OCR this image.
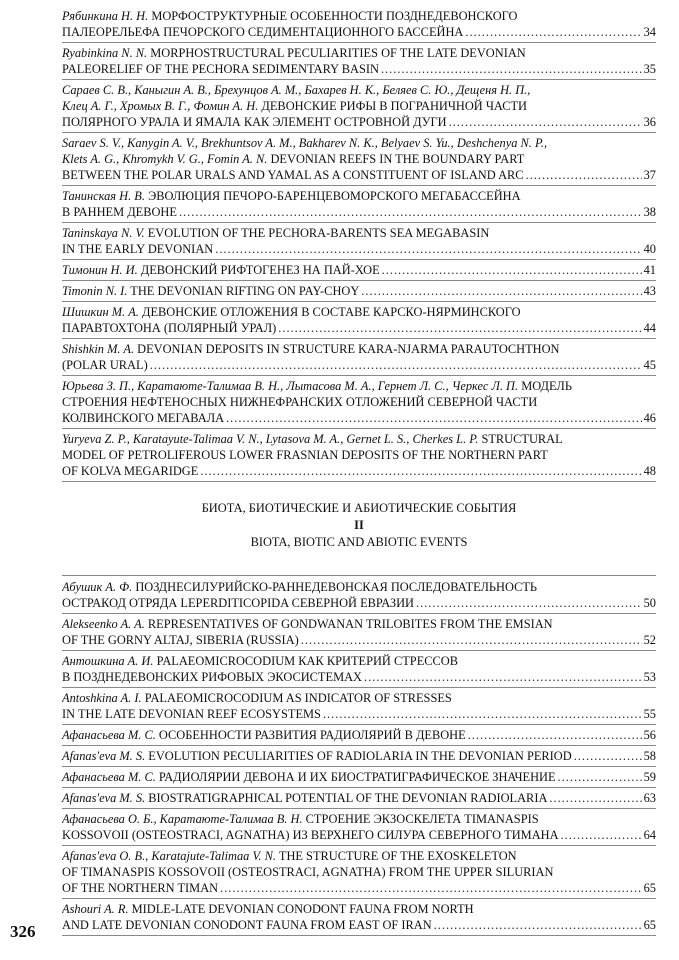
Рябинкина Н. Н. МОРФОСТРУКТУРНЫЕ ОСОБЕННОСТИ ПОЗДНЕДЕВОНСКОГО
ПАЛЕОРЕЛЬЕФА ПЕЧОРСКОГО СЕДИМЕНТАЦИОННОГО БАССЕЙНА .....	34
Ryabinkina N. N. MORPHOSTRUCTURAL PECULIARITIES OF THE LATE DEVONIAN
PALEORELIEF OF THE PECHORA SEDIMENTARY BASIN .....	35
Сараев С. В., Каныгин А. В., Брехунцов А. М., Бахарев Н. К., Беляев С. Ю., Дещеня Н. П.,
Клец А. Г., Хромых В. Г., Фомин А. Н. ДЕВОНСКИЕ РИФЫ В ПОГРАНИЧНОЙ ЧАСТИ
ПОЛЯРНОГО УРАЛА И ЯМАЛА КАК ЭЛЕМЕНТ ОСТРОВНОЙ ДУГИ .....	36
Saraev S. V., Kanygin A. V., Brekhuntsov A. M., Bakharev N. K., Belyaev S. Yu., Deshchenya N. P.,
Klets A. G., Khromykh V. G., Fomin A. N. DEVONIAN REEFS IN THE BOUNDARY PART
BETWEEN THE POLAR URALS AND YAMAL AS A CONSTITUENT OF ISLAND ARC .....	37
Танинская Н. В. ЭВОЛЮЦИЯ ПЕЧОРО-БАРЕНЦЕВОМОРСКОГО МЕГАБАССЕЙНА
В РАННЕМ ДЕВОНЕ .....	38
Taninskaya N. V. EVOLUTION OF THE PECHORA-BARENTS SEA MEGABASIN
IN THE EARLY DEVONIAN .....	40
Тимонин Н. И. ДЕВОНСКИЙ РИФТОГЕНЕЗ НА ПАЙ-ХОЕ .....	41
Timonin N. I. THE DEVONIAN RIFTING ON PAY-CHOY .....	43
Шишкин М. А. ДЕВОНСКИЕ ОТЛОЖЕНИЯ В СОСТАВЕ КАРСКО-НЯРМИНСКОГО
ПАРАВТОХТОНА (ПОЛЯРНЫЙ УРАЛ) .....	44
Shishkin M. A. DEVONIAN DEPOSITS IN STRUCTURE KARA-NJARMA PARAUTOCHTHON
(POLAR URAL) .....	45
Юрьева З. П., Каратаюте-Талимаа В. Н., Лытасова М. А., Гернет Л. С., Черкес Л. П. МОДЕЛЬ
СТРОЕНИЯ НЕФТЕНОСНЫХ НИЖНЕФРАНСКИХ ОТЛОЖЕНИЙ СЕВЕРНОЙ ЧАСТИ
КОЛВИНСКОГО МЕГАВАЛА .....	46
Yuryeva Z. P., Karatayute-Talimaa V. N., Lytasova M. A., Gernet L. S., Cherkes L. P. STRUCTURAL
MODEL OF PETROLIFEROUS LOWER FRASNIAN DEPOSITS OF THE NORTHERN PART
OF KOLVA MEGARIDGE .....	48
БИОТА, БИОТИЧЕСКИЕ И АБИОТИЧЕСКИЕ СОБЫТИЯ
II
BIOTA, BIOTIC AND ABIOTIC EVENTS
Абушик А. Ф. ПОЗДНЕСИЛУРИЙСКО-РАННЕДЕВОНСКАЯ ПОСЛЕДОВАТЕЛЬНОСТЬ
ОСТРАКОД ОТРЯДА LEPERDITICOPIDA СЕВЕРНОЙ ЕВРАЗИИ .....	50
Alekseenko A. A. REPRESENTATIVES OF GONDWANAN TRILOBITES FROM THE EMSIAN
OF THE GORNY ALTAJ, SIBERIA (RUSSIA) .....	52
Антошкина А. И. PALAEOMICROCODIUM КАК КРИТЕРИЙ СТРЕССОВ
В ПОЗДНЕДЕВОНСКИХ РИФОВЫХ ЭКОСИСТЕМАХ .....	53
Antoshkina A. I. PALAEOMICROCODIUM AS INDICATOR OF STRESSES
IN THE LATE DEVONIAN REEF ECOSYSTEMS .....	55
Афанасьева М. С. ОСОБЕННОСТИ РАЗВИТИЯ РАДИОЛЯРИЙ В ДЕВОНЕ .....	56
Afanas'eva M. S. EVOLUTION PECULIARITIES OF RADIOLARIA IN THE DEVONIAN PERIOD .....	58
Афанасьева М. С. РАДИОЛЯРИИ ДЕВОНА И ИХ БИОСТРАТИГРАФИЧЕСКОЕ ЗНАЧЕНИЕ .....	59
Afanas'eva M. S. BIOSTRATIGRAPHICAL POTENTIAL OF THE DEVONIAN RADIOLARIA .....	63
Афанасьева О. Б., Каратаюте-Талимаа В. Н. СТРОЕНИЕ ЭКЗОСКЕЛЕТА TIMANASPIS
KOSSOVOII (OSTEOSTRACI, AGNATHA) ИЗ ВЕРХНЕГО СИЛУРА СЕВЕРНОГО ТИМАНА .....	64
Afanas'eva O. B., Karatajute-Talimaa V. N. THE STRUCTURE OF THE EXOSKELETON
OF TIMANASPIS KOSSOVOII (OSTEOSTRACI, AGNATHA) FROM THE UPPER SILURIAN
OF THE NORTHERN TIMAN .....	65
Ashouri A. R. MIDLE-LATE DEVONIAN CONODONT FAUNA FROM NORTH
AND LATE DEVONIAN CONODONT FAUNA FROM EAST OF IRAN .....	65
326
